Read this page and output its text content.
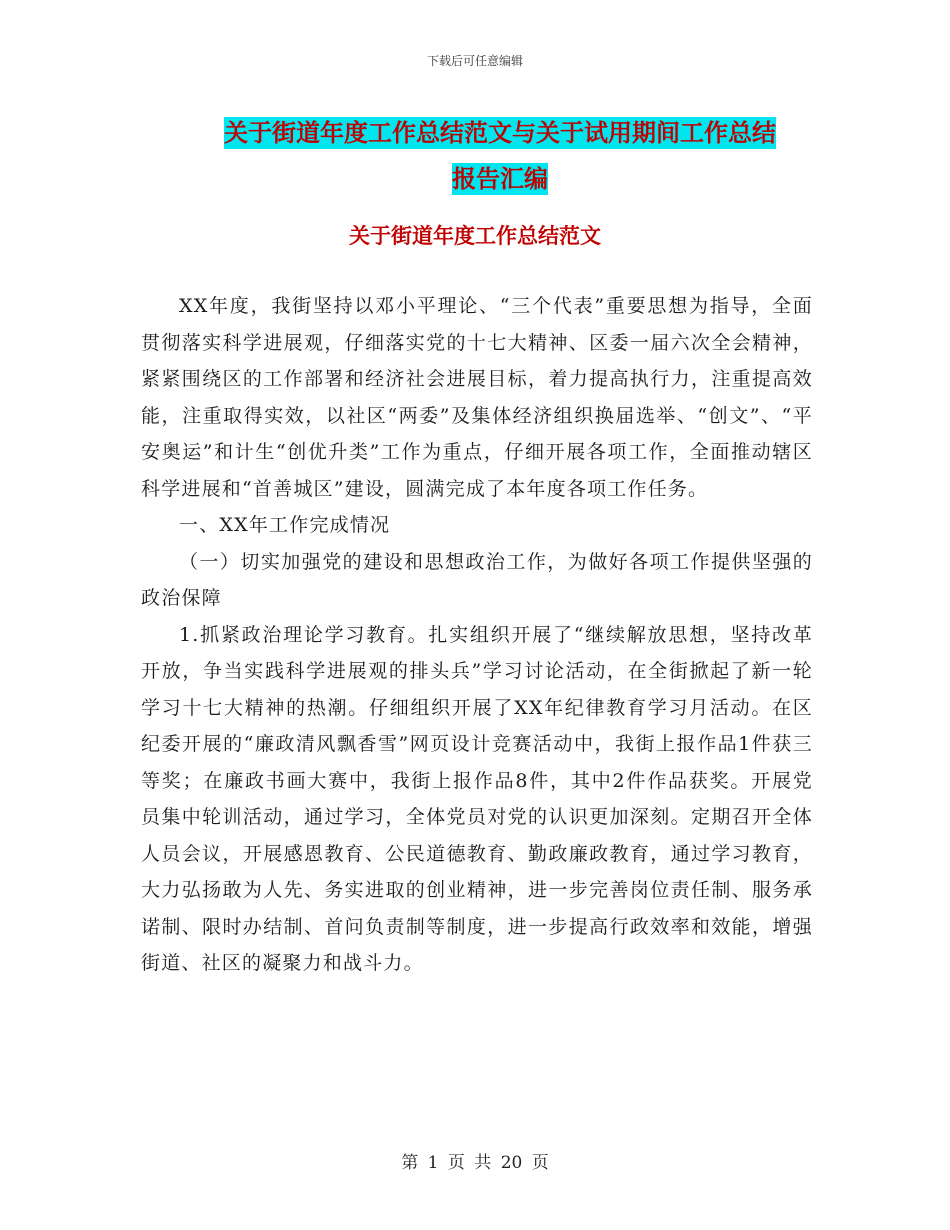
下载后可任意编辑
关于街道年度工作总结范文与关于试用期间工作总结
报告汇编
关于街道年度工作总结范文

XX年度，我街坚持以邓小平理论、“三个代表”重要思想为指导，全面贯彻落实科学进展观，仔细落实党的十七大精神、区委一届六次全会精神，紧紧围绕区的工作部署和经济社会进展目标，着力提高执行力，注重提高效能，注重取得实效，以社区“两委”及集体经济组织换届选举、“创文”、“平安奥运”和计生“创优升类”工作为重点，仔细开展各项工作，全面推动辖区科学进展和“首善城区”建设，圆满完成了本年度各项工作任务。

一、XX年工作完成情况

（一）切实加强党的建设和思想政治工作，为做好各项工作提供坚强的政治保障

1.抓紧政治理论学习教育。扎实组织开展了“继续解放思想，坚持改革开放，争当实践科学进展观的排头兵”学习讨论活动，在全街掀起了新一轮学习十七大精神的热潮。仔细组织开展了XX年纪律教育学习月活动。在区纪委开展的“廉政清风飘香雪”网页设计竞赛活动中，我街上报作品1件获三等奖；在廉政书画大赛中，我街上报作品8件，其中2件作品获奖。开展党员集中轮训活动，通过学习，全体党员对党的认识更加深刻。定期召开全体人员会议，开展感恩教育、公民道德教育、勤政廉政教育，通过学习教育，大力弘扬敢为人先、务实进取的创业精神，进一步完善岗位责任制、服务承诺制、限时办结制、首问负责制等制度，进一步提高行政效率和效能，增强街道、社区的凝聚力和战斗力。

第 1 页 共 20 页
